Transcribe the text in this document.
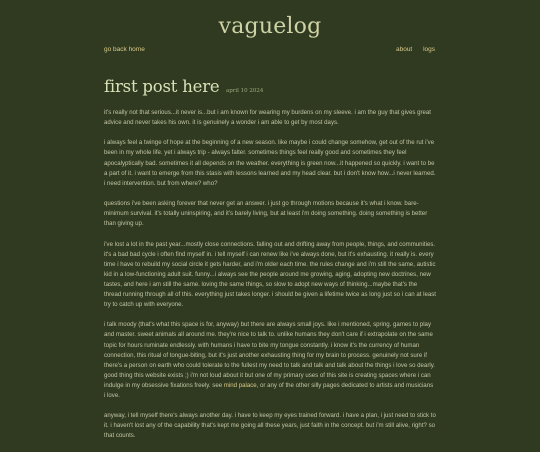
vaguelog
go back home	about logs
first post here april 10 2024

it's really not that serious...it never is...but i am known for wearing my burdens on my sleeve. i am the guy that gives great advice and never takes his own. it is genuinely a wonder i am able to get by most days.

i always feel a twinge of hope at the beginning of a new season. like maybe i could change somehow, get out of the rut i've been in my whole life. yet i always trip - always falter. sometimes things feel really good and sometimes they feel apocalyptically bad. sometimes it all depends on the weather. everything is green now...it happened so quickly. i want to be a part of it. i want to emerge from this stasis with lessons learned and my head clear. but i don't know how...i never learned. i need intervention. but from where? who?

questions i've been asking forever that never get an answer. i just go through motions because it's what i know. bare-minimum survival. it's totally uninspiring, and it's barely living, but at least i'm doing something. doing something is better than giving up.

i've lost a lot in the past year...mostly close connections. falling out and drifting away from people, things, and communities. it's a bad bad cycle i often find myself in. i tell myself i can renew like i've always done, but it's exhausting. it really is. every time i have to rebuild my social circle it gets harder, and i'm older each time. the rules change and i'm still the same, autistic kid in a low-functioning adult suit. funny...i always see the people around me growing, aging, adopting new doctrines, new tastes, and here i am still the same. loving the same things, so slow to adopt new ways of thinking...maybe that's the thread running through all of this. everything just takes longer. i should be given a lifetime twice as long just so i can at least try to catch up with everyone.

i talk moody (that's what this space is for, anyway) but there are always small joys. like i mentioned, spring. games to play and master. sweet animals all around me. they're nice to talk to. unlike humans they don't care if i extrapolate on the same topic for hours ruminate endlessly. with humans i have to bite my tongue constantly. i know it's the currency of human connection, this ritual of tongue-biting, but it's just another exhausting thing for my brain to process. genuinely not sure if there's a person on earth who could tolerate to the fullest my need to talk and talk and talk about the things i love so dearly. good thing this website exists ;) i'm not loud about it but one of my primary uses of this site is creating spaces where i can indulge in my obsessive fixations freely. see mind palace, or any of the other silly pages dedicated to artists and musicians i love.

anyway, i tell myself there's always another day. i have to keep my eyes trained forward. i have a plan, i just need to stick to it. i haven't lost any of the capability that's kept me going all these years, just faith in the concept. but i'm still alive, right? so that counts.
